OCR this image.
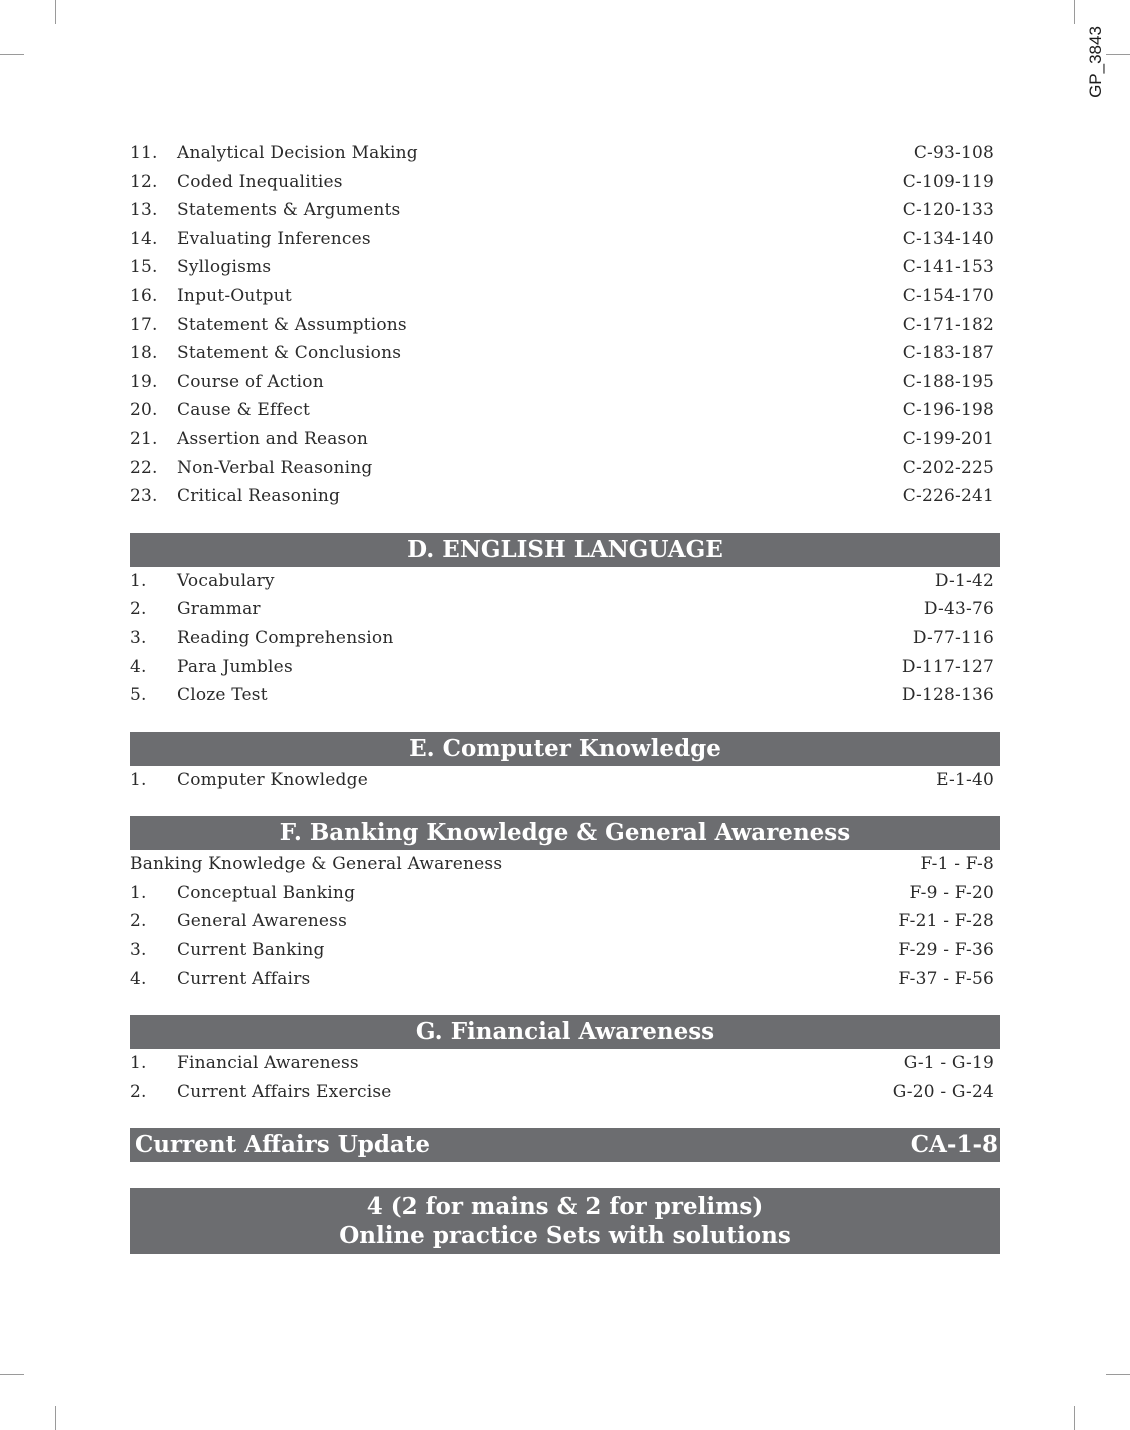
GP_3843
11.	Analytical Decision Making	C-93-108
12.	Coded Inequalities	C-109-119
13.	Statements & Arguments	C-120-133
14.	Evaluating Inferences	C-134-140
15.	Syllogisms	C-141-153
16.	Input-Output	C-154-170
17.	Statement & Assumptions	C-171-182
18.	Statement & Conclusions	C-183-187
19.	Course of Action	C-188-195
20.	Cause & Effect	C-196-198
21.	Assertion and Reason	C-199-201
22.	Non-Verbal Reasoning	C-202-225
23.	Critical Reasoning	C-226-241
D. ENGLISH LANGUAGE
1.	Vocabulary	D-1-42
2.	Grammar	D-43-76
3.	Reading Comprehension	D-77-116
4.	Para Jumbles	D-117-127
5.	Cloze Test	D-128-136
E. Computer Knowledge
1.	Computer Knowledge	E-1-40
F. Banking Knowledge & General Awareness
Banking Knowledge & General Awareness	F-1 - F-8
1.	Conceptual Banking	F-9 - F-20
2.	General Awareness	F-21 - F-28
3.	Current Banking	F-29 - F-36
4.	Current Affairs	F-37 - F-56
G. Financial Awareness
1.	Financial Awareness	G-1 - G-19
2.	Current Affairs Exercise	G-20 - G-24
Current Affairs Update	CA-1-8
4 (2 for mains & 2 for prelims)
Online practice Sets with solutions
